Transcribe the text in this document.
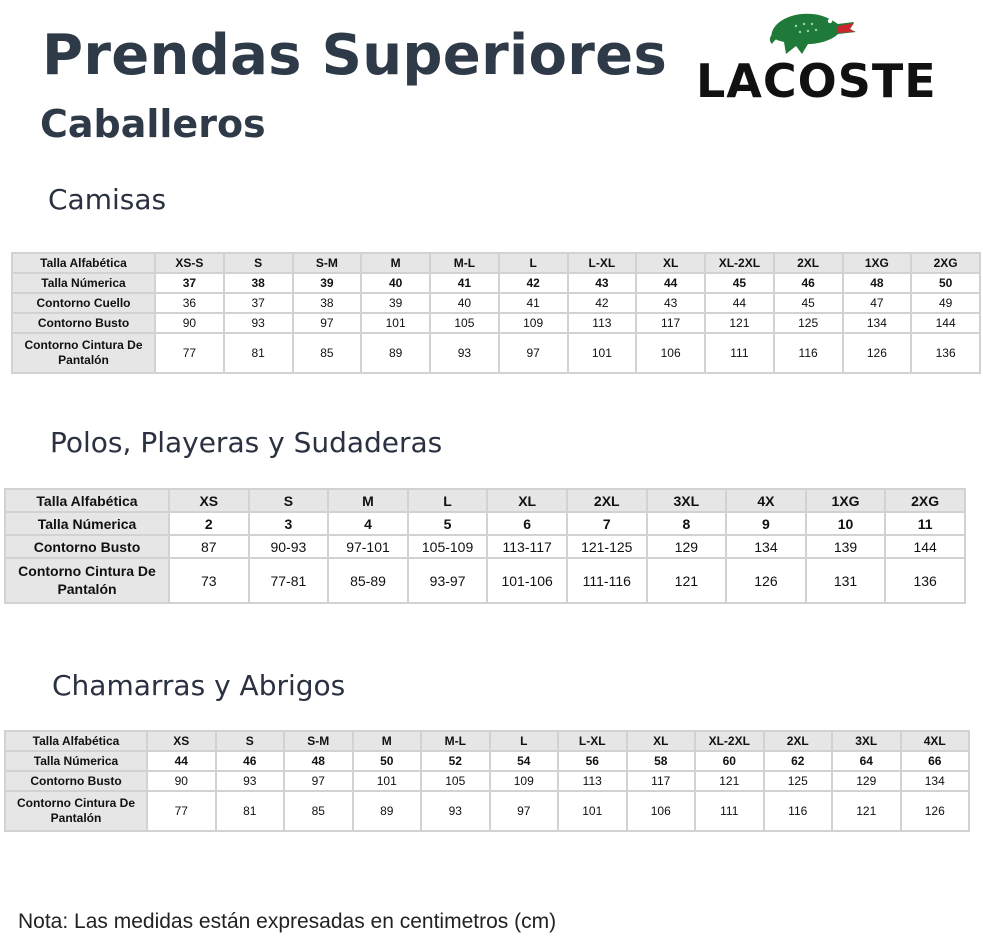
Prendas Superiores
Caballeros
LACOSTE
Camisas
Talla Alfabética	XS-S	S	S-M	M	M-L	L	L-XL	XL	XL-2XL	2XL	1XG	2XG
Talla Númerica	37	38	39	40	41	42	43	44	45	46	48	50
Contorno Cuello	36	37	38	39	40	41	42	43	44	45	47	49
Contorno Busto	90	93	97	101	105	109	113	117	121	125	134	144
Contorno Cintura De Pantalón	77	81	85	89	93	97	101	106	111	116	126	136
Polos, Playeras y Sudaderas
Talla Alfabética	XS	S	M	L	XL	2XL	3XL	4X	1XG	2XG
Talla Númerica	2	3	4	5	6	7	8	9	10	11
Contorno Busto	87	90-93	97-101	105-109	113-117	121-125	129	134	139	144
Contorno Cintura De Pantalón	73	77-81	85-89	93-97	101-106	111-116	121	126	131	136
Chamarras y Abrigos
Talla Alfabética	XS	S	S-M	M	M-L	L	L-XL	XL	XL-2XL	2XL	3XL	4XL
Talla Númerica	44	46	48	50	52	54	56	58	60	62	64	66
Contorno Busto	90	93	97	101	105	109	113	117	121	125	129	134
Contorno Cintura De Pantalón	77	81	85	89	93	97	101	106	111	116	121	126
Nota: Las medidas están expresadas en centimetros (cm)
